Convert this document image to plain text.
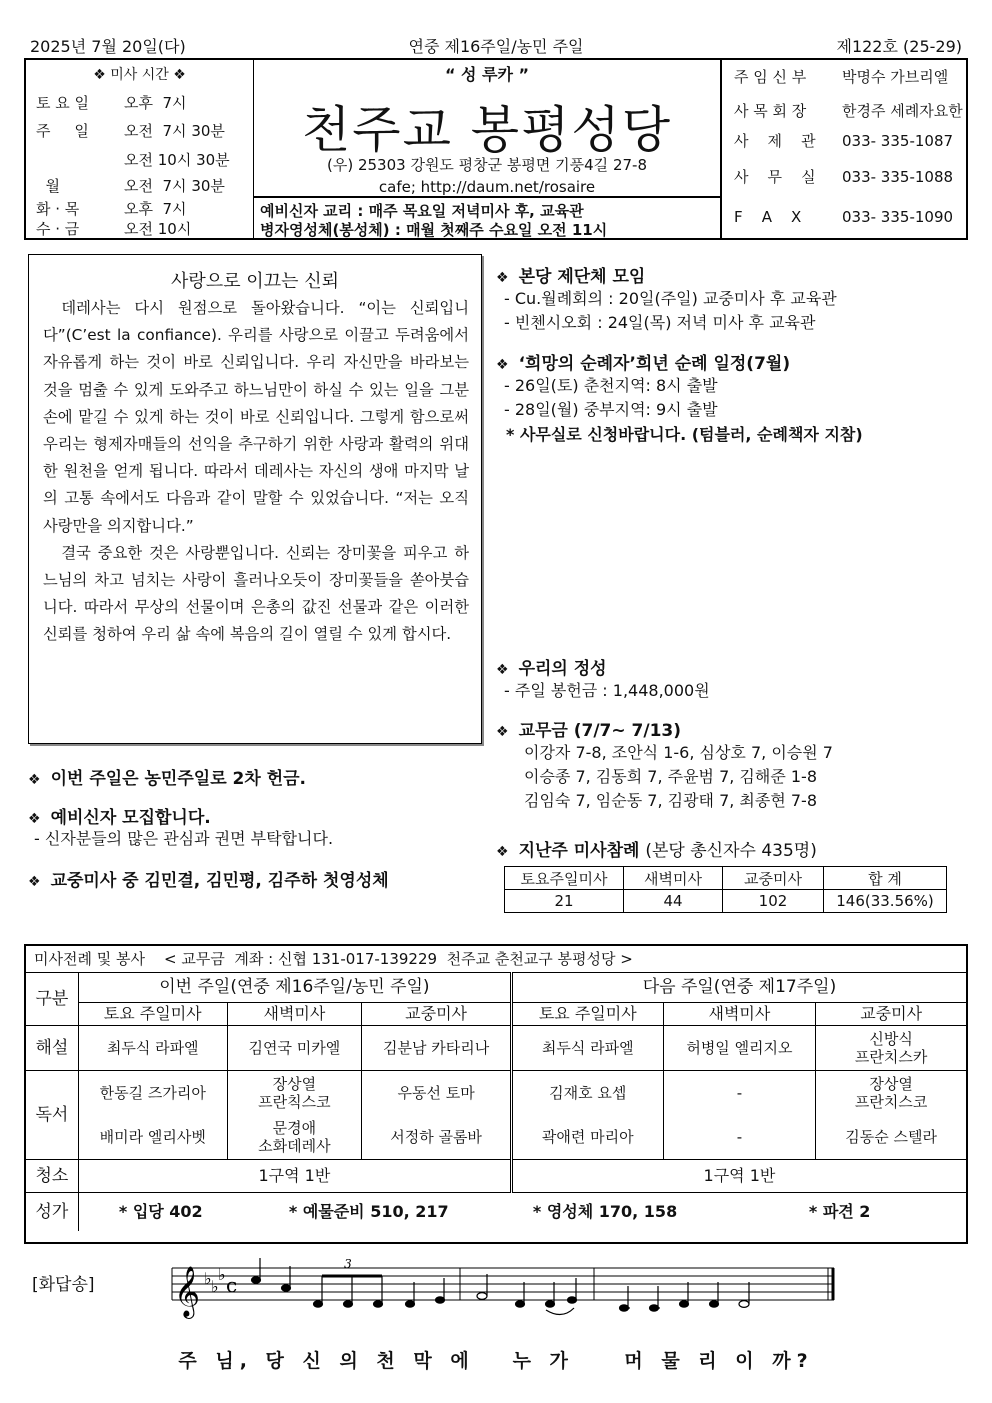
2025년 7월 20일(다)	연중 제16주일/농민 주일	제122호 (25-29)
❖ 미사 시간 ❖
토 요 일 오후  7시
주     일 오전  7시 30분
오전 10시 30분
월	오전  7시 30분
화 · 목	오후  7시
수 · 금	오전 10시
“ 성 루카 ”
천주교 봉평성당
(우) 25303 강원도 평창군 봉평면 기풍4길 27-8
cafe; http://daum.net/rosaire
예비신자 교리 : 매주 목요일 저녁미사 후, 교육관
병자영성체(봉성체) : 매월 첫째주 수요일 오전 11시
주 임 신 부 박명수 가브리엘
사 목 회 장 한경주 세례자요한
사    제    관 033- 335-1087
사    무    실 033- 335-1088
F    A    X	033- 335-1090
사랑으로 이끄는 신뢰

데레사는 다시 원점으로 돌아왔습니다. “이는 신뢰입니다”(C’est la confiance). 우리를 사랑으로 이끌고 두려움에서 자유롭게 하는 것이 바로 신뢰입니다. 우리 자신만을 바라보는 것을 멈출 수 있게 도와주고 하느님만이 하실 수 있는 일을 그분 손에 맡길 수 있게 하는 것이 바로 신뢰입니다. 그렇게 함으로써 우리는 형제자매들의 선익을 추구하기 위한 사랑과 활력의 위대한 원천을 얻게 됩니다. 따라서 데레사는 자신의 생애 마지막 날의 고통 속에서도 다음과 같이 말할 수 있었습니다. “저는 오직 사랑만을 의지합니다.”

결국 중요한 것은 사랑뿐입니다. 신뢰는 장미꽃을 피우고 하느님의 차고 넘치는 사랑이 흘러나오듯이 장미꽃들을 쏟아붓습니다. 따라서 무상의 선물이며 은총의 값진 선물과 같은 이러한 신뢰를 청하여 우리 삶 속에 복음의 길이 열릴 수 있게 합시다.

❖ 이번 주일은 농민주일로 2차 헌금.
❖ 예비신자 모집합니다.
- 신자분들의 많은 관심과 권면 부탁합니다.
❖ 교중미사 중 김민결, 김민평, 김주하 첫영성체
❖ 본당 제단체 모임
- Cu.월례회의 : 20일(주일) 교중미사 후 교육관
- 빈첸시오회 : 24일(목) 저녁 미사 후 교육관
❖ ‘희망의 순례자’희년 순례 일정(7월)
- 26일(토) 춘천지역: 8시 출발
- 28일(월) 중부지역: 9시 출발
* 사무실로 신청바랍니다. (텀블러, 순례책자 지참)
❖ 우리의 정성
- 주일 봉헌금 : 1,448,000원
❖ 교무금 (7/7~ 7/13)
이강자 7-8, 조안식 1-6, 심상호 7, 이승원 7
이승종 7, 김동희 7, 주윤범 7, 김해준 1-8
김임숙 7, 임순동 7, 김광태 7, 최종현 7-8
❖ 지난주 미사참례 (본당 총신자수 435명)
토요주일미사	새벽미사	교중미사	합 계
21	44	102	146(33.56%)
미사전례 및 봉사 < 교무금  계좌 : 신협 131-017-139229  천주교 춘천교구 봉평성당 >						
구분	이번 주일(연중 제16주일/농민 주일)			다음 주일(연중 제17주일)		
	토요 주일미사	새벽미사	교중미사	토요 주일미사	새벽미사	교중미사
해설	최두식 라파엘	김연국 미카엘	김분남 카타리나	최두식 라파엘	허병일 엘리지오	신방식
프란치스카
독서	한동길 즈가리아	장상열
프란칙스코	우동선 토마	김재호 요셉	-	장상열
프란치스코
	배미라 엘리사벳	문경애
소화데레사	서정하 골롬바	곽애련 마리아	-	김동순 스텔라
청소	1구역 1반			1구역 1반		
성가	* 입당 402 * 예물준비 510, 217 * 영성체 170, 158 * 파견 2					
[화답송] 𝄞 ♭ ♭
♭ c
3
주 님, 당 신 의 천 막 에   누 가    머 물 리 이 까?
